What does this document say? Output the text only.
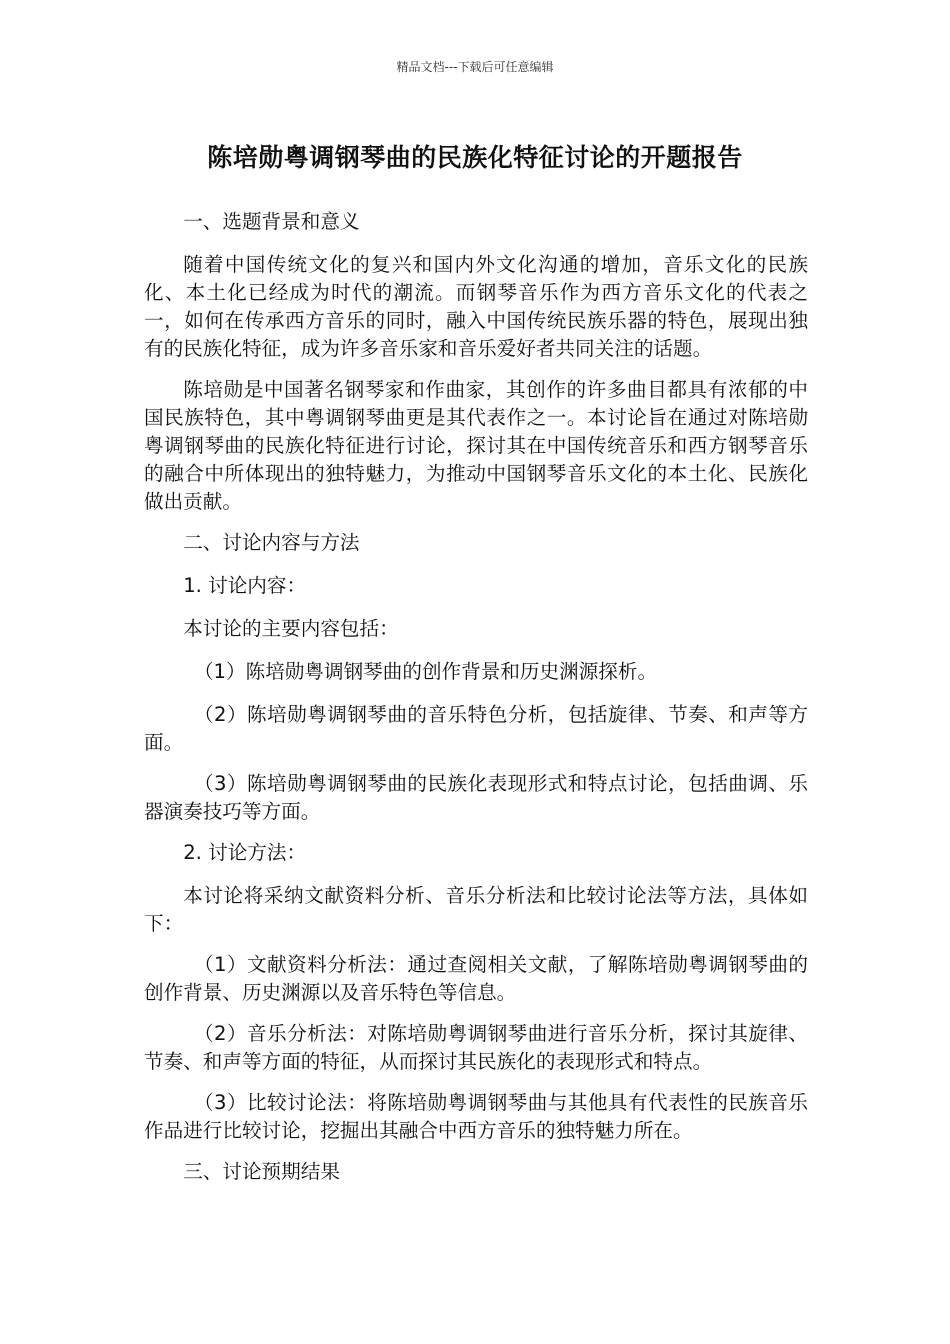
精品文档---下载后可任意编辑
陈培勋粤调钢琴曲的民族化特征讨论的开题报告

一、选题背景和意义

随着中国传统文化的复兴和国内外文化沟通的增加，音乐文化的民族化、本土化已经成为时代的潮流。而钢琴音乐作为西方音乐文化的代表之一，如何在传承西方音乐的同时，融入中国传统民族乐器的特色，展现出独有的民族化特征，成为许多音乐家和音乐爱好者共同关注的话题。

陈培勋是中国著名钢琴家和作曲家，其创作的许多曲目都具有浓郁的中国民族特色，其中粤调钢琴曲更是其代表作之一。本讨论旨在通过对陈培勋粤调钢琴曲的民族化特征进行讨论，探讨其在中国传统音乐和西方钢琴音乐的融合中所体现出的独特魅力，为推动中国钢琴音乐文化的本土化、民族化做出贡献。

二、讨论内容与方法

1. 讨论内容：

本讨论的主要内容包括：

（1）陈培勋粤调钢琴曲的创作背景和历史渊源探析。

（2）陈培勋粤调钢琴曲的音乐特色分析，包括旋律、节奏、和声等方面。

（3）陈培勋粤调钢琴曲的民族化表现形式和特点讨论，包括曲调、乐器演奏技巧等方面。

2. 讨论方法：

本讨论将采纳文献资料分析、音乐分析法和比较讨论法等方法，具体如下：

（1）文献资料分析法：通过查阅相关文献，了解陈培勋粤调钢琴曲的创作背景、历史渊源以及音乐特色等信息。

（2）音乐分析法：对陈培勋粤调钢琴曲进行音乐分析，探讨其旋律、节奏、和声等方面的特征，从而探讨其民族化的表现形式和特点。

（3）比较讨论法：将陈培勋粤调钢琴曲与其他具有代表性的民族音乐作品进行比较讨论，挖掘出其融合中西方音乐的独特魅力所在。

三、讨论预期结果
